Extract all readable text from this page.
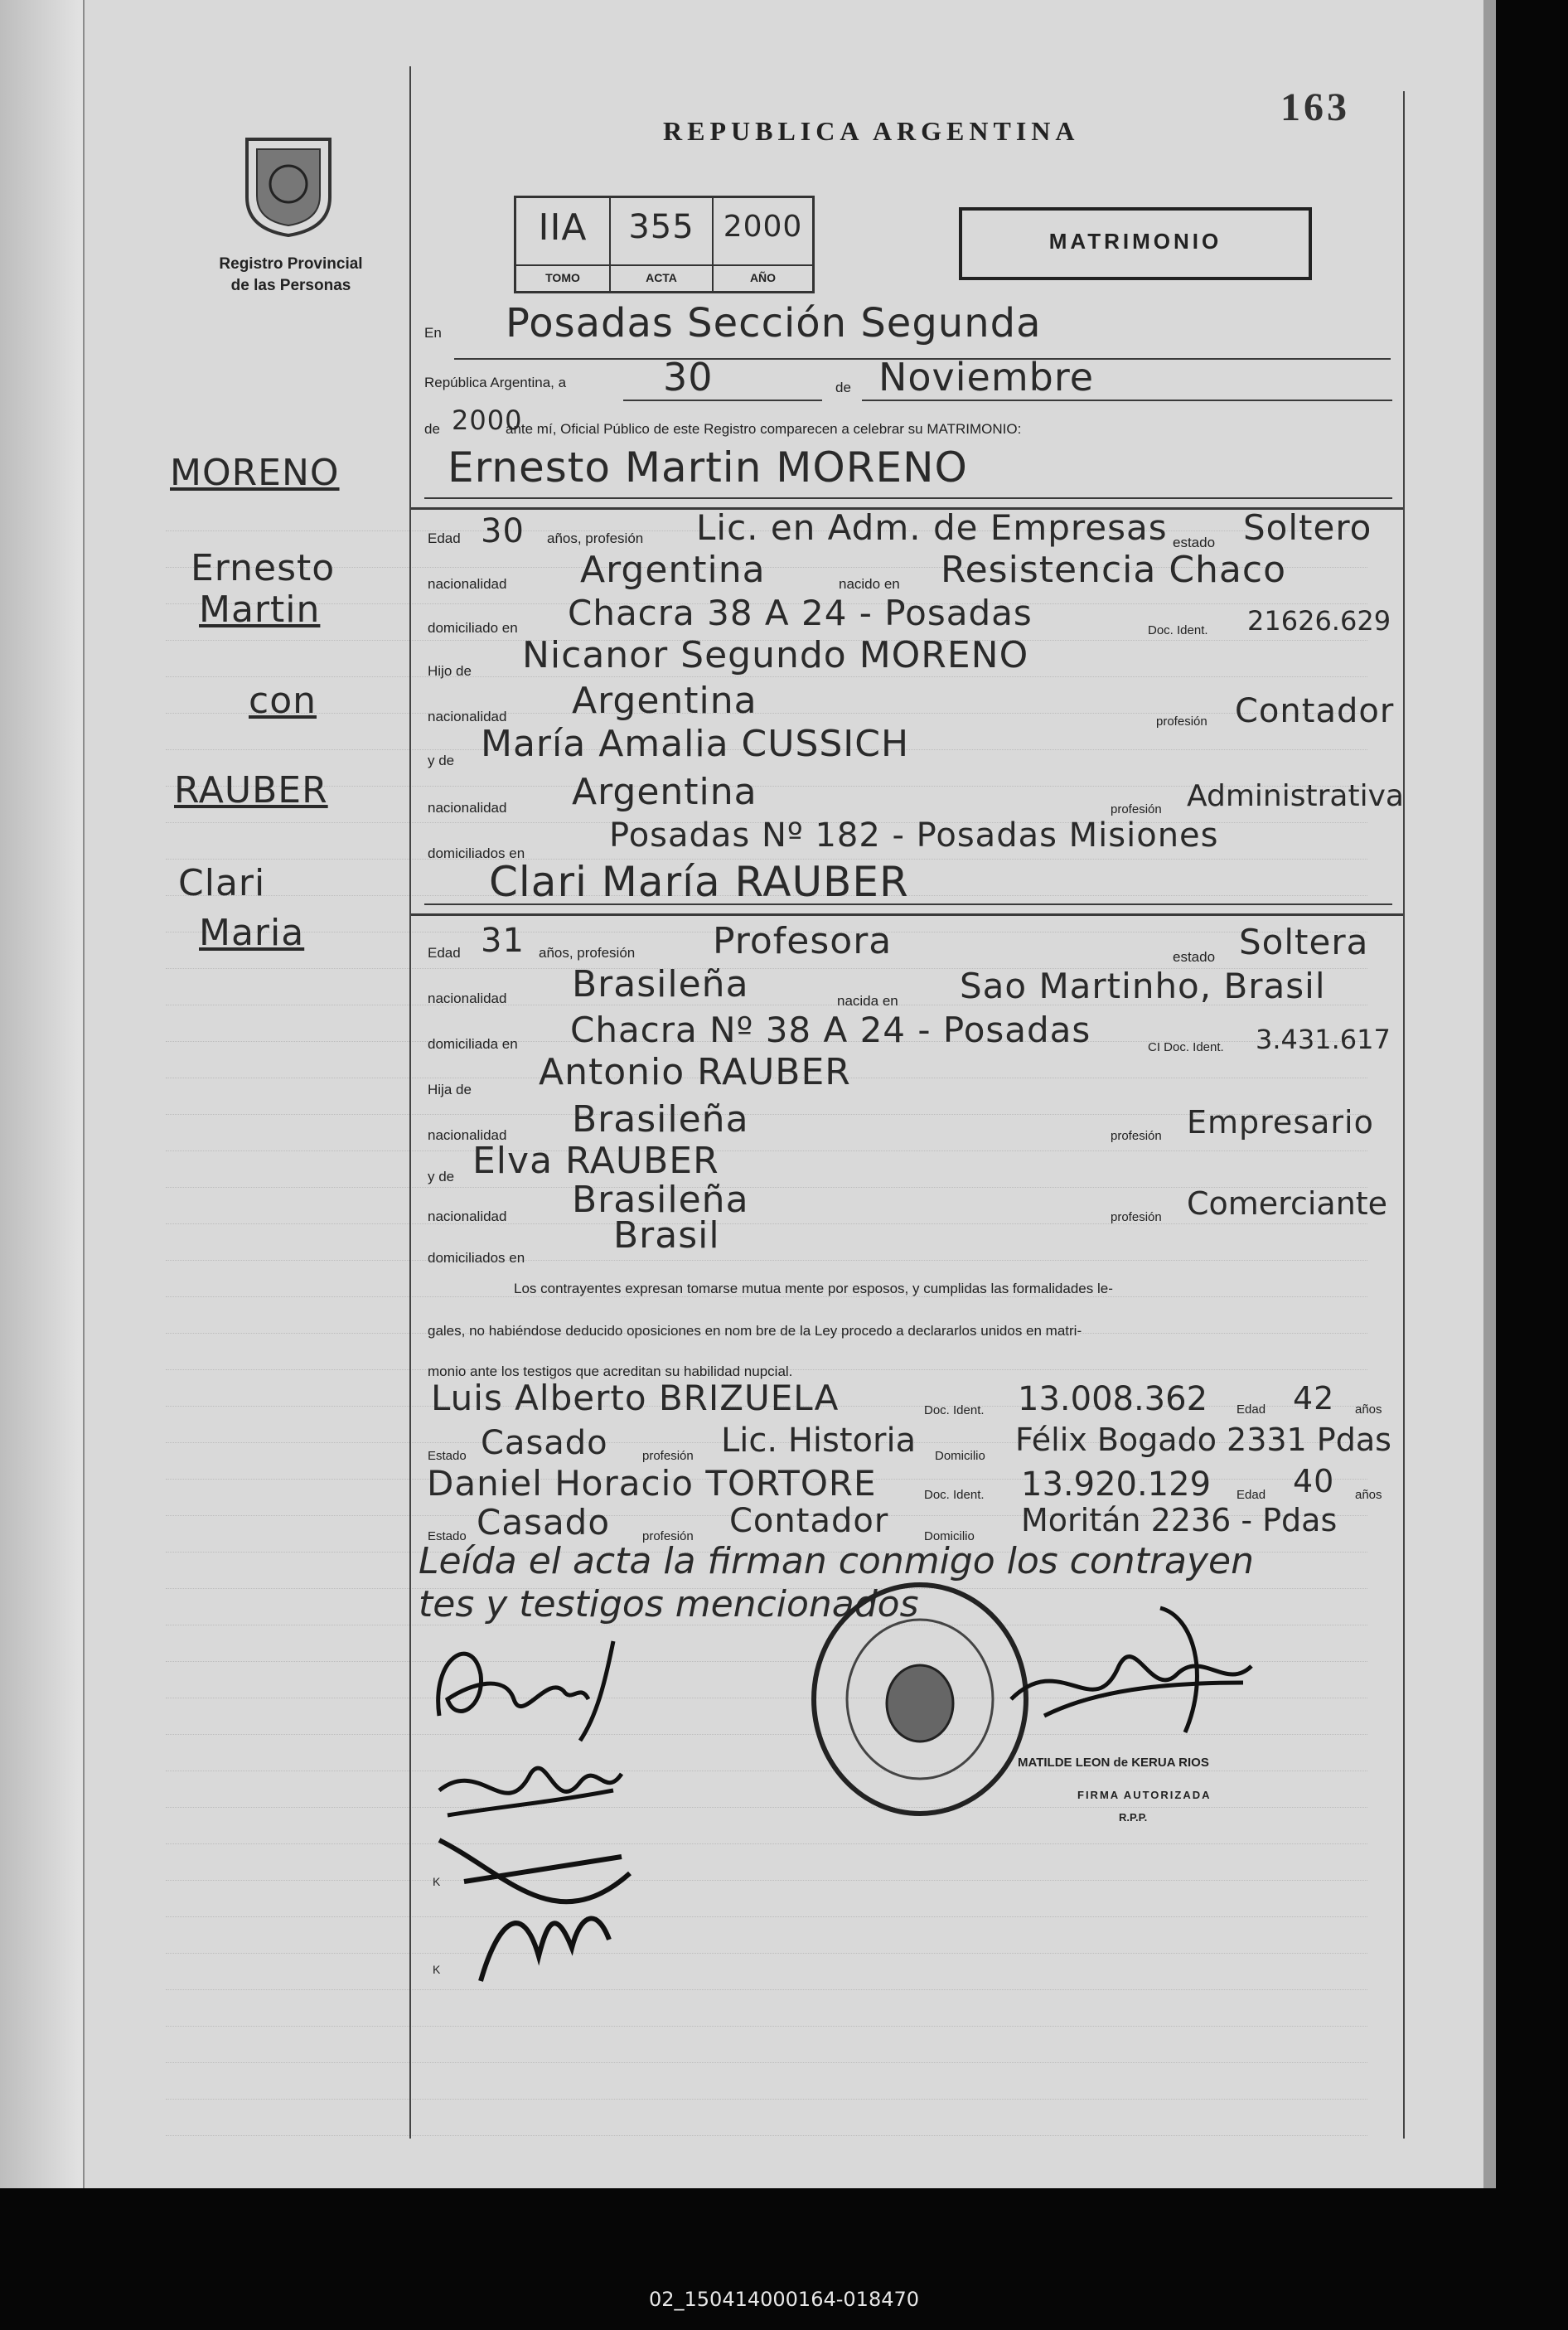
Registro Provincial
de las Personas
REPUBLICA ARGENTINA
163
IIA
TOMO
355
ACTA
2000
AÑO
MATRIMONIO
MORENO
Ernesto
Martin
con
RAUBER
Clari
Maria
En Posadas Sección Segunda
República Argentina, a	30	de Noviembre
de 2000
ante mí, Oficial Público de este Registro comparecen a celebrar su MATRIMONIO:
Ernesto Martin MORENO
Edad 30 años, profesión Lic. en Adm. de Empresas estado Soltero
nacionalidad Argentina	nacido en Resistencia Chaco
domiciliado en Chacra 38 A 24 - Posadas	Doc. Ident. 21626.629
Hijo de Nicanor Segundo MORENO
nacionalidad Argentina	profesión Contador
y de María Amalia CUSSICH
nacionalidad Argentina	profesión Administrativa
domiciliados en	Posadas Nº 182 - Posadas Misiones
Clari María RAUBER
Edad 31 años, profesión Profesora	estado Soltera
nacionalidad Brasileña	nacida en Sao Martinho, Brasil
domiciliada en Chacra Nº 38 A 24 - Posadas	CI Doc. Ident. 3.431.617
Hija de Antonio RAUBER
nacionalidad Brasileña	profesión Empresario
y de Elva RAUBER
nacionalidad Brasileña	profesión Comerciante
domiciliados en
Brasil
Los contrayentes expresan tomarse mutua mente por esposos, y cumplidas las formalidades le-
gales, no habiéndose deducido oposiciones en nom bre de la Ley procedo a declararlos unidos en matri-
monio ante los testigos que acreditan su habilidad nupcial.
Luis Alberto BRIZUELA	Doc. Ident. 13.008.362 Edad 42 años
Estado Casado	profesión Lic. Historia Domicilio Félix Bogado 2331 Pdas
Daniel Horacio TORTORE	Doc. Ident. 13.920.129 Edad 40 años
Estado Casado	profesión Contador	Domicilio Moritán 2236 - Pdas
Leída el acta la firman conmigo los contrayen
tes y testigos mencionados
K
K
MATILDE LEON de KERUA RIOS
FIRMA AUTORIZADA
R.P.P.
02_150414000164-018470
